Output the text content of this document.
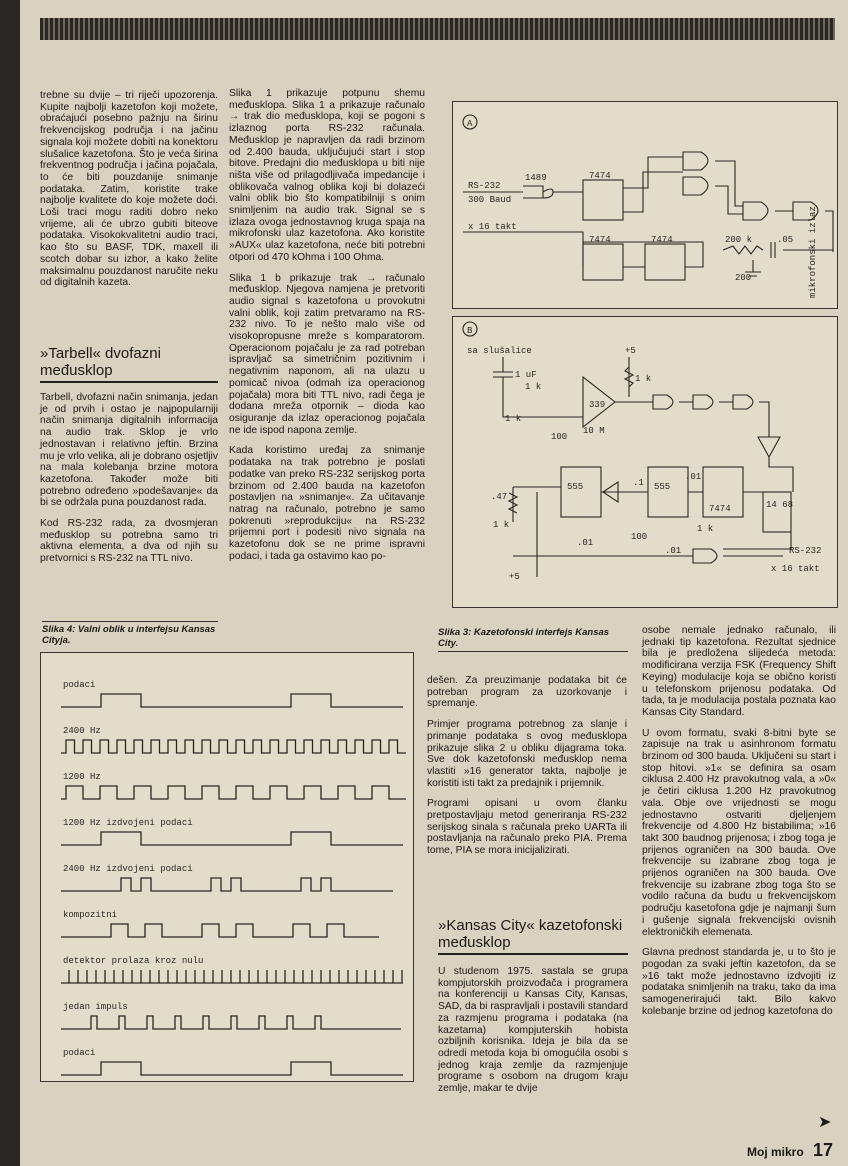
trebne su dvije – tri riječi upozorenja. Kupite najbolji kazetofon koji možete, obraćajući posebno pažnju na širinu frekvencijskog područja i na jačinu signala koji možete dobiti na konektoru slušalice kazetofona. Što je veća širina frekventnog područja i jačina pojačala, to će biti pouzdanije snimanje podataka. Zatim, koristite trake najbolje kvalitete do koje možete doći. Loši traci mogu raditi dobro neko vrijeme, ali će ubrzo gubiti biteove podataka. Visokokvalitetni audio traci, kao što su BASF, TDK, maxell ili scotch dobar su izbor, a kako želite maksimalnu pouzdanost naručite neku od digitalnih kazeta.

»Tarbell« dvofazni međusklop

Tarbell, dvofazni način snimanja, jedan je od prvih i ostao je najpopularniji način snimanja digitalnih informacija na audio trak. Sklop je vrlo jednostavan i relativno jeftin. Brzina mu je vrlo velika, ali je dobrano osjetljiv na mala kolebanja brzine motora kazetofona. Također može biti potrebno određeno »podešavanje« da bi se održala puna pouzdanost rada.

Kod RS-232 rada, za dvosmjeran međusklop su potrebna samo tri aktivna elementa, a dva od njih su pretvornici s RS-232 na TTL nivo.

Slika 1 prikazuje potpunu shemu međusklopa. Slika 1 a prikazuje računalo → trak dio međusklopa, koji se pogoni s izlaznog porta RS-232 računala. Međusklop je napravljen da radi brzinom od 2.400 bauda, uključujući start i stop bitove. Predajni dio međusklopa u biti nije ništa više od prilagodljivača impedancije i oblikovača valnog oblika koji bi dolazeći valni oblik bio što kompatibilniji s onim snimljenim na audio trak. Signal se s izlaza ovoga jednostavnog kruga spaja na mikrofonski ulaz kazetofona. Ako koristite »AUX« ulaz kazetofona, neće biti potrebni otpori od 470 kOhma i 100 Ohma.

Slika 1 b prikazuje trak → računalo međusklop. Njegova namjena je pretvoriti audio signal s kazetofona u provokutni valni oblik, koji zatim pretvaramo na RS-232 nivo. To je nešto malo više od visokopropusne mreže s komparatorom. Operacionom pojačalu je za rad potreban ispravljač sa simetričnim pozitivnim i negativnim naponom, ali na ulazu u pomicač nivoa (odmah iza operacionog pojačala) mora biti TTL nivo, radi čega je dodana mreža otpornik – dioda kao osiguranje da izlaz operacionog pojačala ne ide ispod napona zemlje.

Kada koristimo uređaj za snimanje podataka na trak potrebno je poslati podatke van preko RS-232 serijskog porta brzinom od 2.400 bauda na kazetofon postavljen na »snimanje«. Za učitavanje natrag na računalo, potrebno je samo pokrenuti »reprodukciju« na RS-232 prijemni port i podesiti nivo signala na kazetofonu dok se ne prime ispravni podaci, i tada ga ostavimo kao po-

Slika 4: Valni oblik u interfejsu Kansas Cityja.
Slika 3: Kazetofonski interfejs Kansas City.
A
1489
RS-232
300 Baud
7474
7474	7474
x 16 takt
200 k	.05
200	mikrofonski izlaz
B
sa slušalice	+5
1 uF
1 k
1 k
339
10 M
100
1 k
555	555
.47
1 k
.01
.1
100
.01
7474	14 68
1 k
.01
+5
RS-232
x 16 takt
podaci
2400 Hz
1200 Hz
1200 Hz izdvojeni podaci
2400 Hz izdvojeni podaci
kompozitni
detektor prolaza kroz nulu
jedan impuls
podaci

dešen. Za preuzimanje podataka bit će potreban program za uzorkovanje i spremanje.

Primjer programa potrebnog za slanje i primanje podataka s ovog međusklopa prikazuje slika 2 u obliku dijagrama toka. Sve dok kazetofonski međusklop nema vlastiti »16 generator takta, najbolje je koristiti isti takt za predajnik i prijemnik.

Programi opisani u ovom članku pretpostavljaju metod generiranja RS-232 serijskog sinala s računala preko UARTa ili postavljanja na računalo preko PIA. Prema tome, PIA se mora inicijalizirati.

»Kansas City« kazetofonski međusklop

U studenom 1975. sastala se grupa kompjutorskih proizvođača i programera na konferenciji u Kansas City, Kansas, SAD, da bi raspravljali i postavili standard za razmjenu programa i podataka (na kazetama) kompjuterskih hobista ozbiljnih korisnika. Ideja je bila da se odredi metoda koja bi omogućila osobi s jednog kraja zemlje da razmjenjuje programe s osobom na drugom kraju zemlje, makar te dvije

osobe nemale jednako računalo, ili jednaki tip kazetofona. Rezultat sjednice bila je predložena slijedeća metoda: modificirana verzija FSK (Frequency Shift Keying) modulacije koja se obično koristi u telefonskom prijenosu podataka. Od tada, ta je modulacija postala poznata kao Kansas City Standard.

U ovom formatu, svaki 8-bitni byte se zapisuje na trak u asinhronom formatu brzinom od 300 bauda. Uključeni su start i stop hitovi. »1« se definira sa osam ciklusa 2.400 Hz pravokutnog vala, a »0« je četiri ciklusa 1.200 Hz pravokutnog vala. Obje ove vrijednosti se mogu jednostavno ostvariti djeljenjem frekvencije od 4.800 Hz bistabilima; »16 takt 300 baudnog prijenosa; i zbog toga je prijenos ograničen na 300 bauda. Ove frekvencije su izabrane zbog toga je prijenos ograničen na 300 bauda. Ove frekvencije su izabrane zbog toga što se vodilo računa da budu u frekvencijskom području kasetofona gdje je najmanji šum i gušenje signala frekvencijski ovisnih elektroničkih elemenata.

Glavna prednost standarda je, u to što je pogodan za svaki jeftin kazetofon, da se »16 takt može jednostavno izdvojiti iz podataka snimljenih na traku, tako da ima samogenerirajući takt. Bilo kakvo kolebanje brzine od jednog kazetofona do

➤
Moj mikro 17
